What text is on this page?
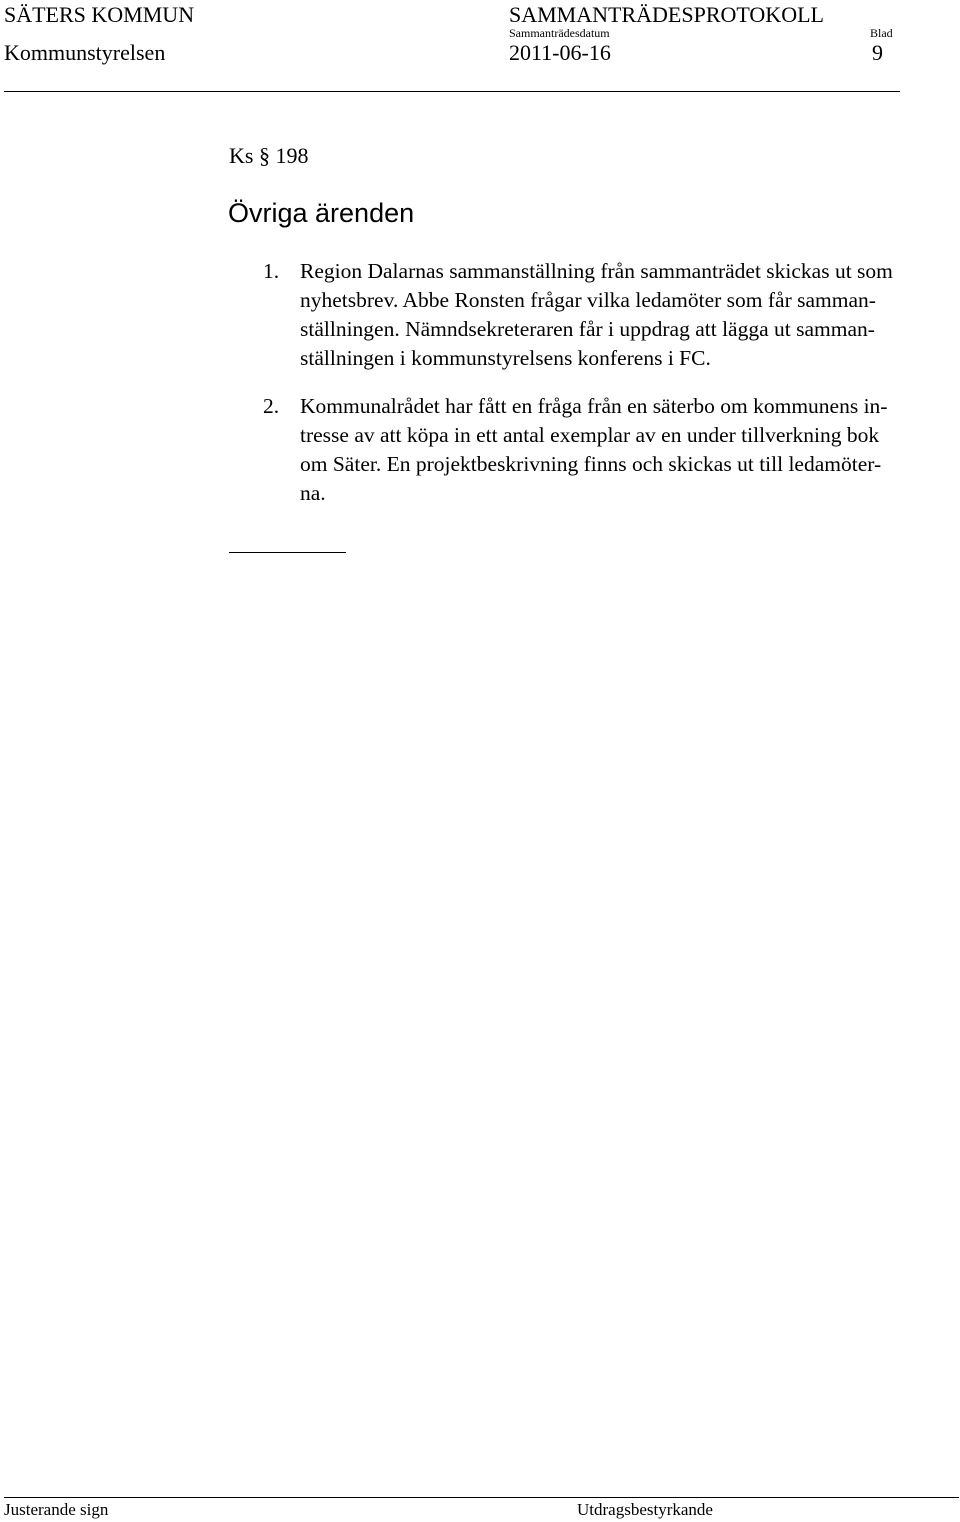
SÄTERS KOMMUN
Kommunstyrelsen
SAMMANTRÄDESPROTOKOLL
Sammanträdesdatum
2011-06-16
Blad
9
Ks § 198
Övriga ärenden
1. Region Dalarnas sammanställning från sammanträdet skickas ut som
nyhetsbrev. Abbe Ronsten frågar vilka ledamöter som får samman-
ställningen. Nämndsekreteraren får i uppdrag att lägga ut samman-
ställningen i kommunstyrelsens konferens i FC.
2. Kommunalrådet har fått en fråga från en säterbo om kommunens in-
tresse av att köpa in ett antal exemplar av en under tillverkning bok
om Säter. En projektbeskrivning finns och skickas ut till ledamöter-
na.
Justerande sign	Utdragsbestyrkande
